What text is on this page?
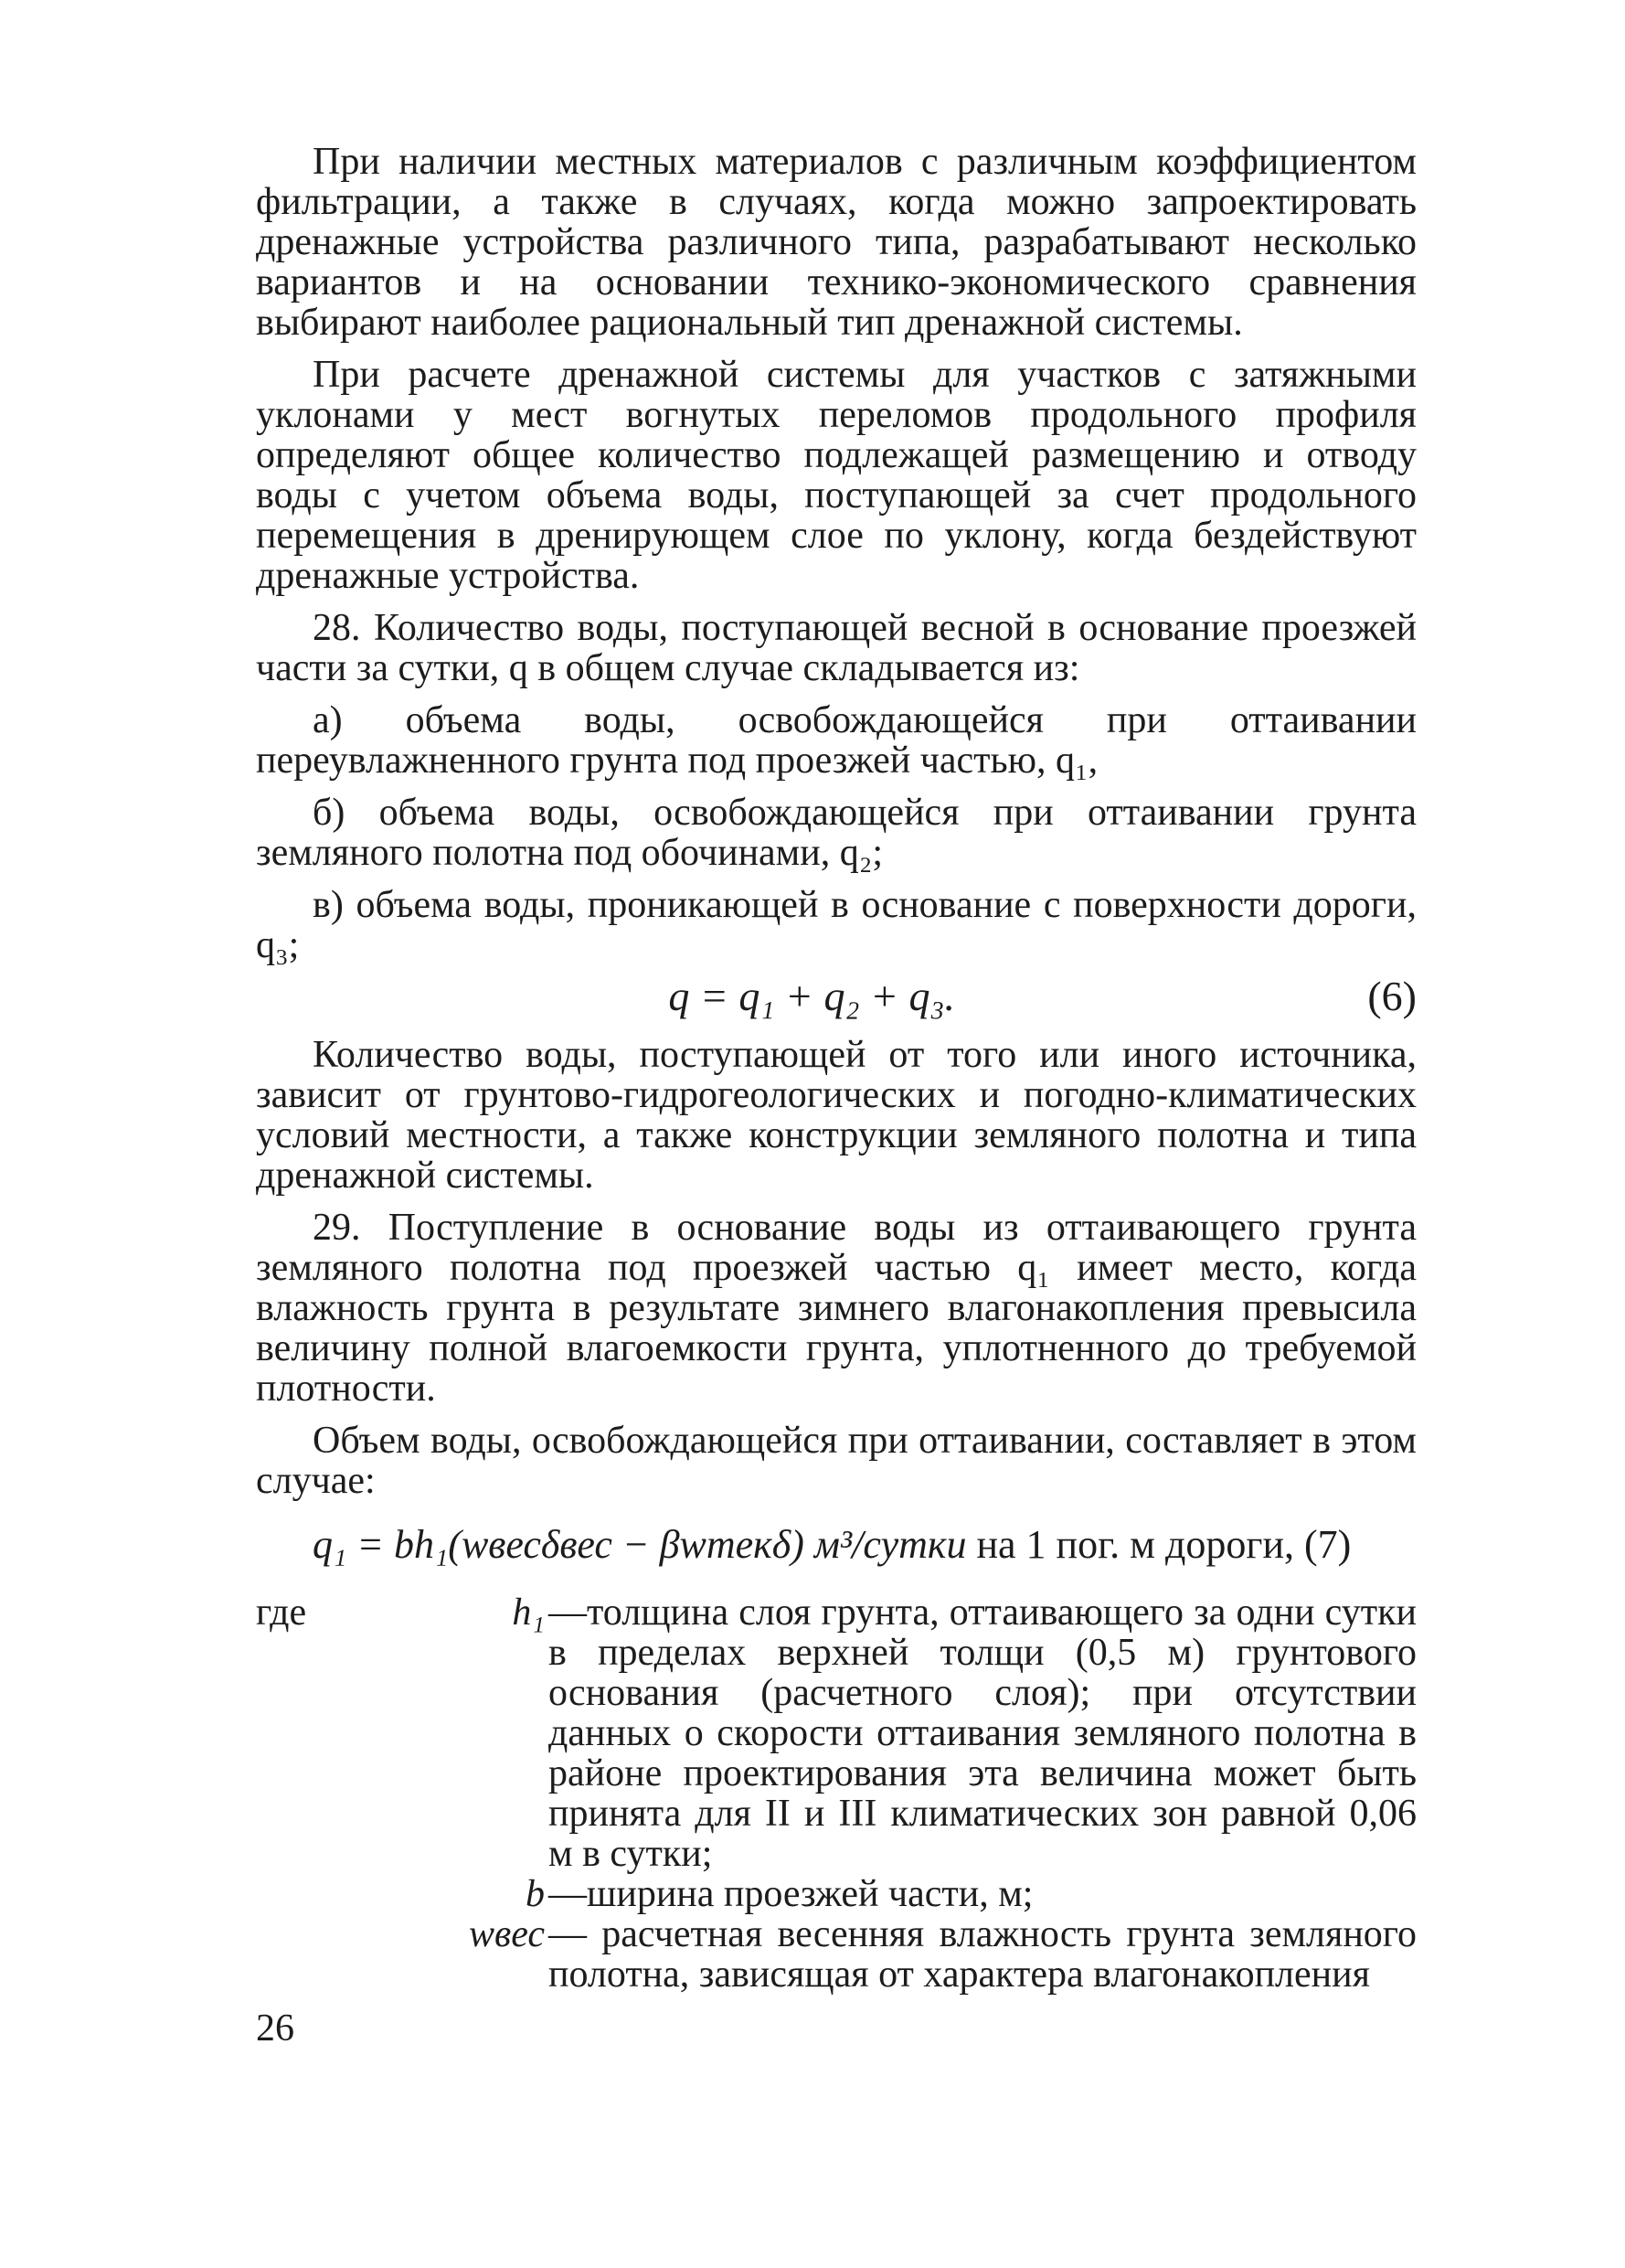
При наличии местных материалов с различным коэффициентом фильтрации, а также в случаях, когда можно запроектировать дренажные устройства различного типа, разрабатывают несколько вариантов и на основании технико-экономического сравнения выбирают наиболее рациональный тип дренажной системы.

При расчете дренажной системы для участков с затяжными уклонами у мест вогнутых переломов продольного профиля определяют общее количество подлежащей размещению и отводу воды с учетом объема воды, поступающей за счет продольного перемещения в дренирующем слое по уклону, когда бездействуют дренажные устройства.

28. Количество воды, поступающей весной в основание проезжей части за сутки, q в общем случае складывается из:

а) объема воды, освобождающейся при оттаивании переувлажненного грунта под проезжей частью, q₁,

б) объема воды, освобождающейся при оттаивании грунта земляного полотна под обочинами, q₂;

в) объема воды, проникающей в основание с поверхности дороги, q₃;

q = q₁ + q₂ + q₃.	(6)

Количество воды, поступающей от того или иного источника, зависит от грунтово-гидрогеологических и погодно-климатических условий местности, а также конструкции земляного полотна и типа дренажной системы.

29. Поступление в основание воды из оттаивающего грунта земляного полотна под проезжей частью q₁ имеет место, когда влажность грунта в результате зимнего влагонакопления превысила величину полной влагоемкости грунта, уплотненного до требуемой плотности.

Объем воды, освобождающейся при оттаивании, составляет в этом случае:

q₁ = bh₁(wвесδвес − βwтекδ) м³/сутки на 1 пог. м дороги, (7)
где	h₁ —толщина слоя грунта, оттаивающего за одни сутки в пределах верхней толщи (0,5 м) грунтового основания (расчетного слоя); при отсутствии данных о скорости оттаивания земляного полотна в районе проектирования эта величина может быть принята для II и III климатических зон равной 0,06 м в сутки;

b —ширина проезжей части, м;

wвес — расчетная весенняя влажность грунта земляного полотна, зависящая от характера влагонакопления

26
